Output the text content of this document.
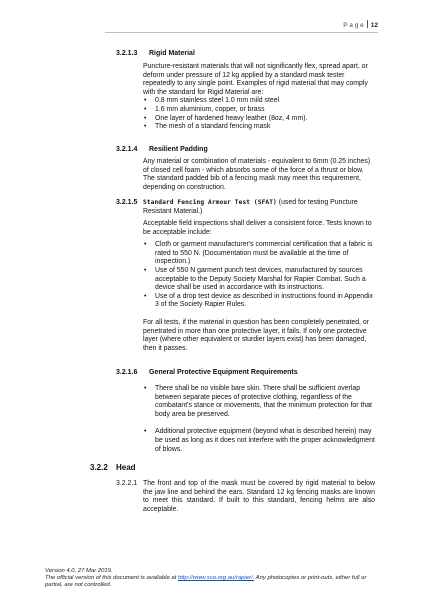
P a g e 12
3.2.1.3 Rigid Material

Puncture-resistant materials that will not significantly flex, spread apart, or deform under pressure of 12 kg applied by a standard mask tester repeatedly to any single point. Examples of rigid material that may comply with the standard for Rigid Material are:

• 0.8 mm stainless steel 1.0 mm mild steel
• 1.6 mm aluminium, copper, or brass
• One layer of hardened heavy leather (8oz, 4 mm).
• The mesh of a standard fencing mask
3.2.1.4 Resilient Padding

Any material or combination of materials - equivalent to 6mm (0.25 inches) of closed cell foam - which absorbs some of the force of a thrust or blow. The standard padded bib of a fencing mask may meet this requirement, depending on construction.

3.2.1.5 Standard Fencing Armour Test (SFAT) (used for testing Puncture Resistant Material.)

Acceptable field inspections shall deliver a consistent force. Tests known to be acceptable include:

• Cloth or garment manufacturer's commercial certification that a fabric is rated to 550 N. (Documentation must be available at the time of inspection.)
• Use of 550 N garment punch test devices, manufactured by sources acceptable to the Deputy Society Marshal for Rapier Combat. Such a device shall be used in accordance with its instructions.
• Use of a drop test device as described in instructions found in Appendix 3 of the Society Rapier Rules.

For all tests, if the material in question has been completely penetrated, or penetrated in more than one protective layer, it fails. If only one protective layer (where other equivalent or sturdier layers exist) has been damaged, then it passes.

3.2.1.6 General Protective Equipment Requirements
• There shall be no visible bare skin. There shall be sufficient overlap between separate pieces of protective clothing, regardless of the combatant's stance or movements, that the minimum protection for that body area be preserved.
• Additional protective equipment (beyond what is described herein) may be used as long as it does not interfere with the proper acknowledgment of blows.
3.2.2 Head
3.2.2.1 The front and top of the mask must be covered by rigid material to below the jaw line and behind the ears. Standard 12 kg fencing masks are known to meet this standard. If built to this standard, fencing helms are also acceptable.

Version 4.0, 27 Mar 2019.
The official version of this document is available at http://www.sca.org.au/rapier/. Any photocopies or print-outs, either full or partial, are not controlled.
